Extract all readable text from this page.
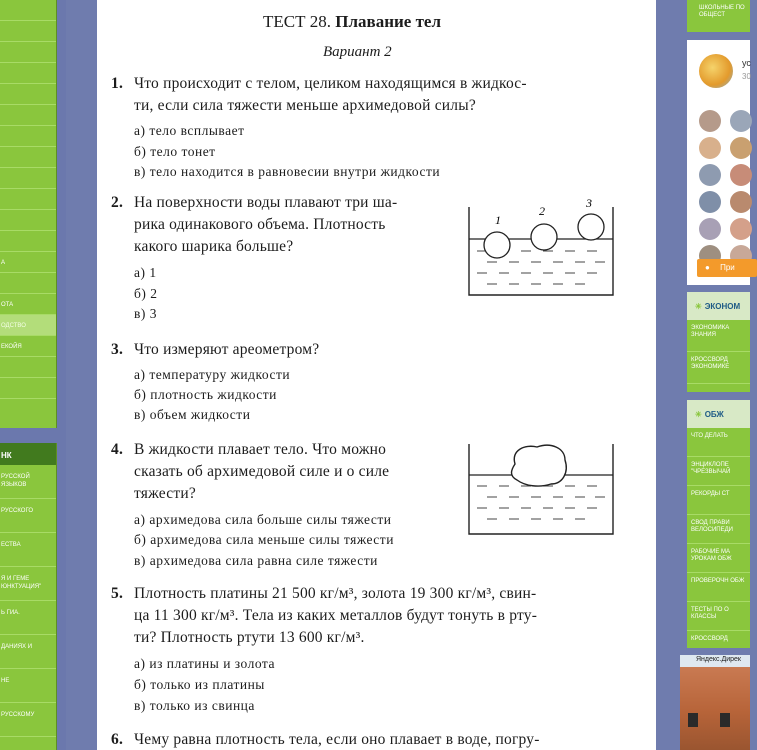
А
ОТА
ОДСТВО
ЕКОЙЯ
НК
РУССКОЙ ЯЗЫКОВ
РУССКОГО
ЕСТВА
Я И ГЕМЕ ЮНКТУАЦИЯ"
Ь ГИА.
ДАНИЯХ И
НЕ
РУССКОМУ
ТЕСТ 28. Плавание тел
Вариант 2
1. Что происходит с телом, целиком находящимся в жидкос-
ти, если сила тяжести меньше архимедовой силы?
а) тело всплывает
б) тело тонет
в) тело находится в равновесии внутри жидкости
2. На поверхности воды плавают три ша-
рика одинакового объема. Плотность
какого шарика больше?
а) 1
б) 2
в) 3
1
2
3
3. Что измеряют ареометром?
а) температуру жидкости
б) плотность жидкости
в) объем жидкости
4. В жидкости плавает тело. Что можно
сказать об архимедовой силе и о силе
тяжести?
а) архимедова сила больше силы тяжести
б) архимедова сила меньше силы тяжести
в) архимедова сила равна силе тяжести
5. Плотность платины 21 500 кг/м³, золота 19 300 кг/м³, свин-
ца 11 300 кг/м³. Тела из каких металлов будут тонуть в рту-
ти? Плотность ртути 13 600 кг/м³.
а) из платины и золота
б) только из платины
в) только из свинца
6. Чему равна плотность тела, если оно плавает в воде, погру-
ШКОЛЬНЫЕ ПО ОБЩЕСТ
ус
30
● При
✳ ЭКОНОМ
ЭКОНОМИКА ЗНАНИЯ
КРОССВОРД ЭКОНОМИКЕ
✳ ОБЖ
ЧТО ДЕЛАТЬ
ЭНЦИКЛОПЕ "ЧРЕЗВЫЧАЙ
РЕКОРДЫ СТ
СВОД ПРАВИ ВЕЛОСИПЕДИ
РАБОЧИЕ МА УРОКАМ ОБЖ
ПРОВЕРОЧН ОБЖ
ТЕСТЫ ПО О КЛАССЫ
КРОССВОРД
Яндекс.Дирек
